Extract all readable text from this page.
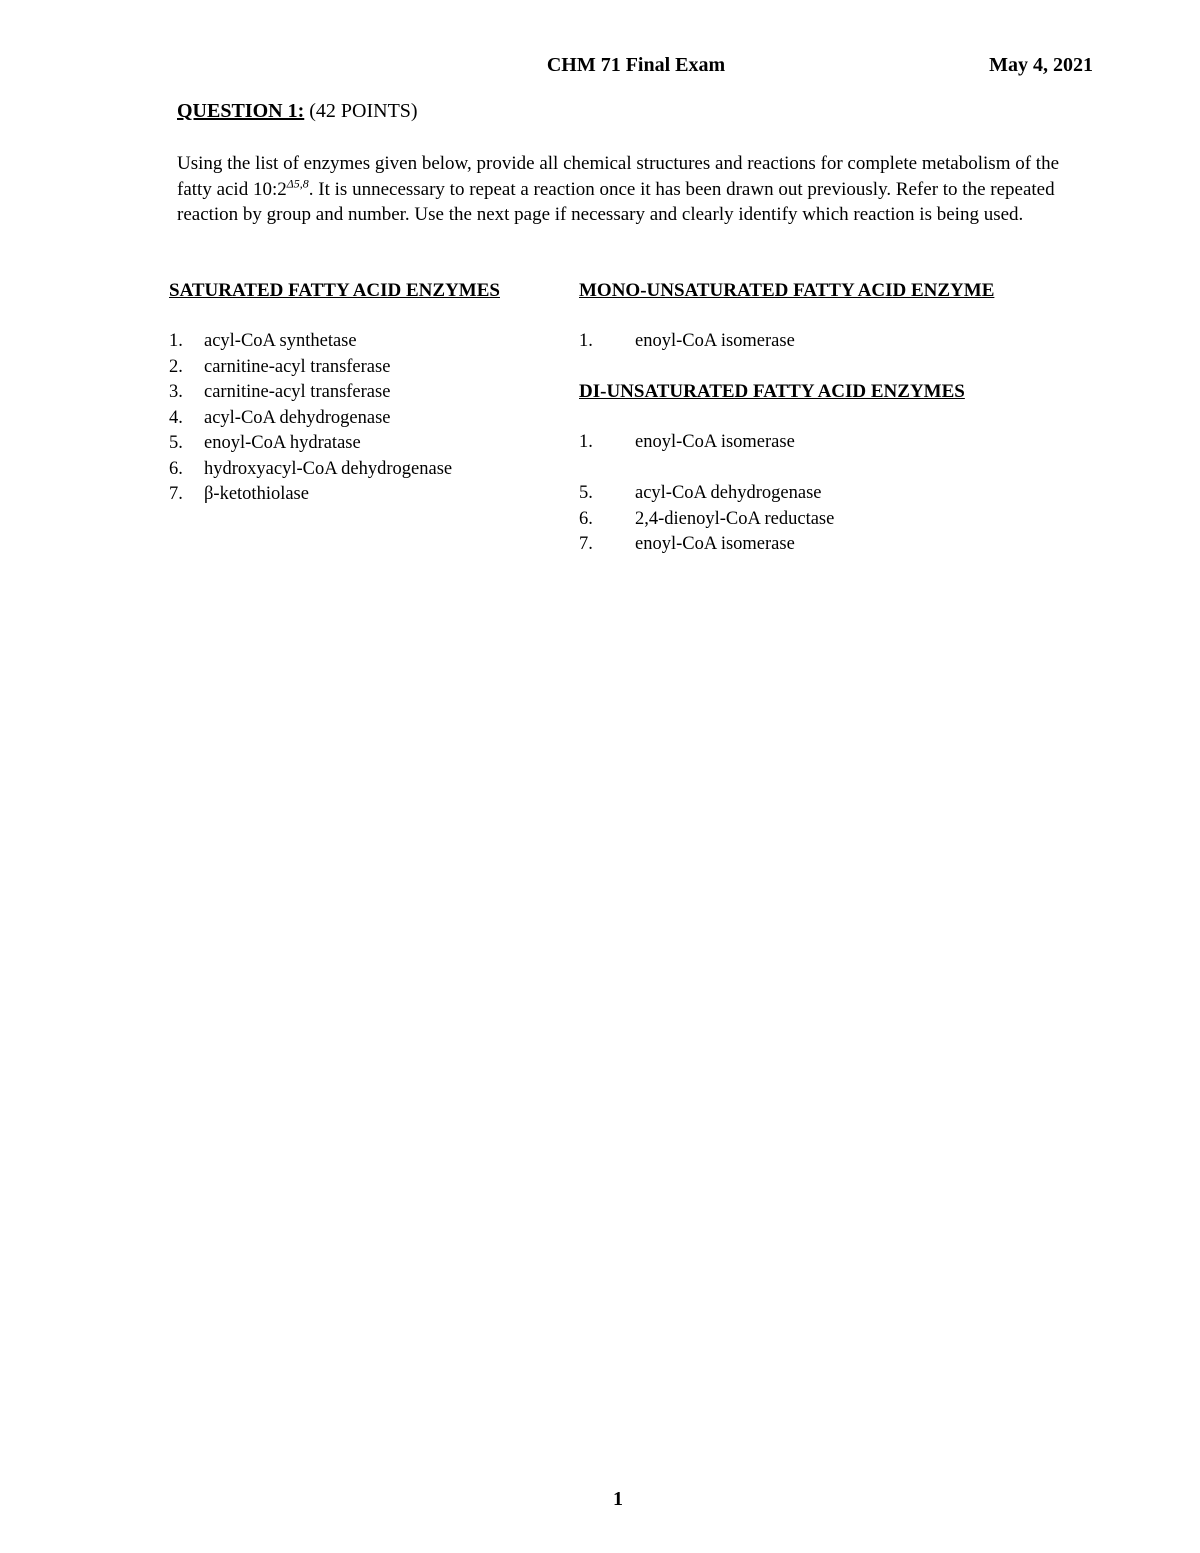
CHM 71 Final Exam	May 4, 2021
QUESTION 1: (42 POINTS)
Using the list of enzymes given below, provide all chemical structures and reactions for complete metabolism of the fatty acid $10:2^{\Delta 5,8}$. It is unnecessary to repeat a reaction once it has been drawn out previously. Refer to the repeated reaction by group and number. Use the next page if necessary and clearly identify which reaction is being used.
SATURATED FATTY ACID ENZYMES
1. acyl-CoA synthetase
2. carnitine-acyl transferase
3. carnitine-acyl transferase
4. acyl-CoA dehydrogenase
5. enoyl-CoA hydratase
6. hydroxyacyl-CoA dehydrogenase
7. β-ketothiolase
MONO-UNSATURATED FATTY ACID ENZYME
1. enoyl-CoA isomerase
DI-UNSATURATED FATTY ACID ENZYMES
1. enoyl-CoA isomerase
5. acyl-CoA dehydrogenase
6. 2,4-dienoyl-CoA reductase
7. enoyl-CoA isomerase
1
